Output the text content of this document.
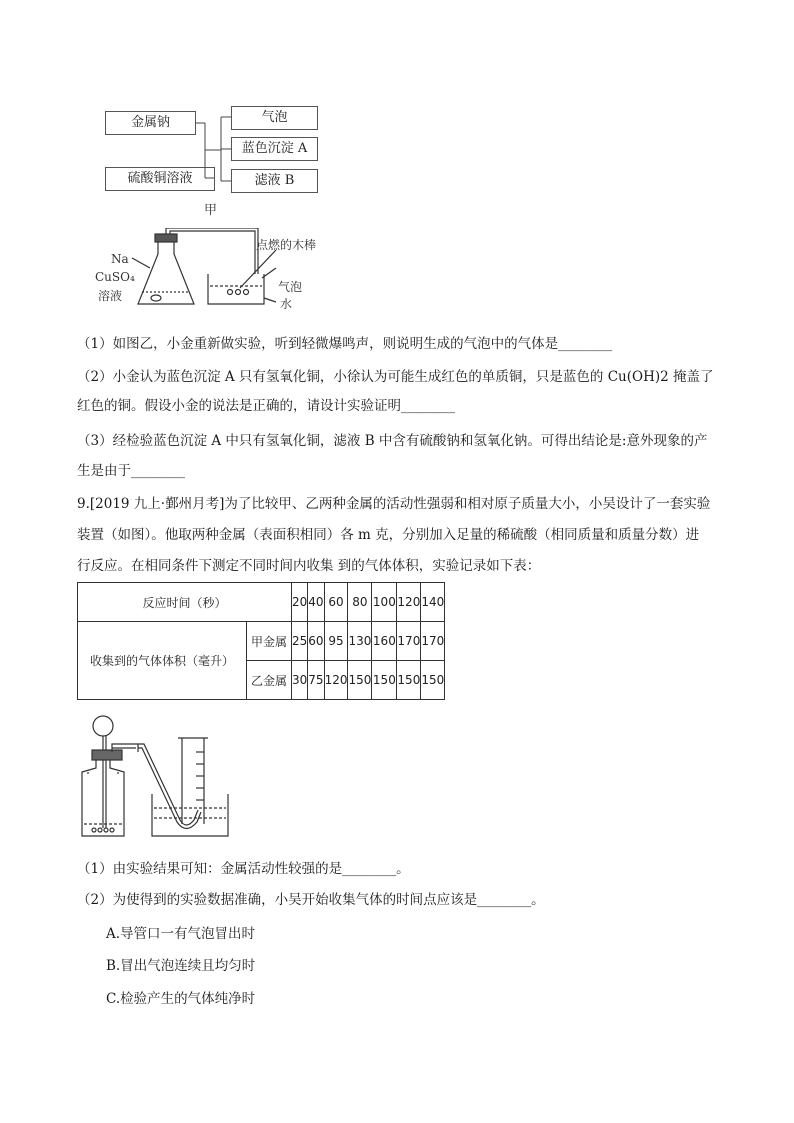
金属钠
硫酸铜溶液
气泡
蓝色沉淀 A
滤液 B
甲
Na
CuSO₄
溶液
点燃的木棒
气泡
水
（1）如图乙，小金重新做实验，听到轻微爆鸣声，则说明生成的气泡中的气体是________
（2）小金认为蓝色沉淀 A 只有氢氧化铜，小徐认为可能生成红色的单质铜，只是蓝色的 Cu(OH)2 掩盖了
红色的铜。假设小金的说法是正确的，请设计实验证明________
（3）经检验蓝色沉淀 A 中只有氢氧化铜，滤液 B 中含有硫酸钠和氢氧化钠。可得出结论是:意外现象的产
生是由于________
9.[2019 九上·鄞州月考]为了比较甲、乙两种金属的活动性强弱和相对原子质量大小，小吴设计了一套实验
装置（如图）。他取两种金属（表面积相同）各 m 克，分别加入足量的稀硫酸（相同质量和质量分数）进
行反应。在相同条件下测定不同时间内收集 到的气体体积，实验记录如下表：
反应时间（秒）		20	40	60	80	100	120	140
收集到的气体体积（毫升）	甲金属	25	60	95	130	160	170	170
	乙金属	30	75	120	150	150	150	150
（1）由实验结果可知：金属活动性较强的是________。
（2）为使得到的实验数据准确，小吴开始收集气体的时间点应该是________。
A.导管口一有气泡冒出时
B.冒出气泡连续且均匀时
C.检验产生的气体纯净时
